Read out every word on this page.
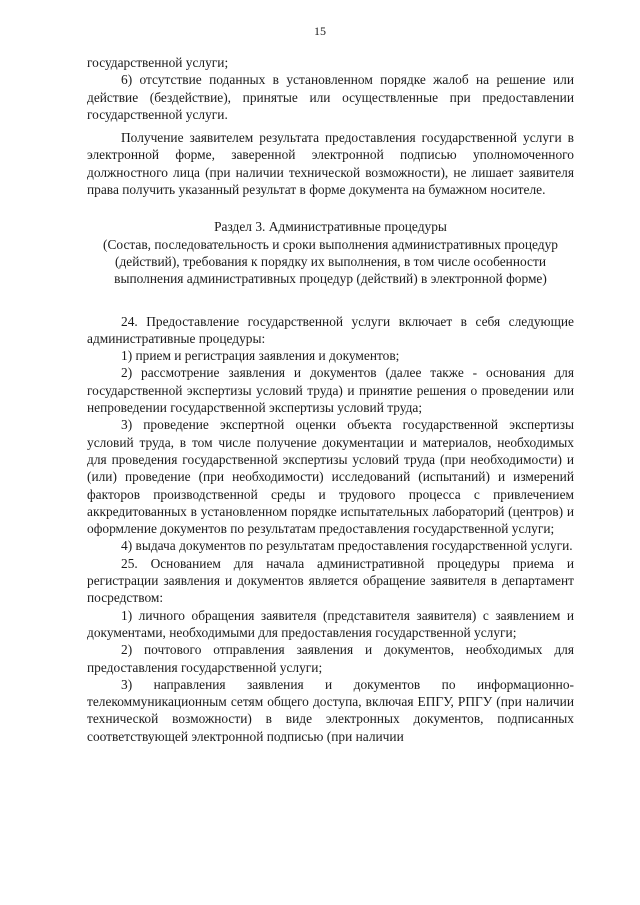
15

государственной услуги;

6) отсутствие поданных в установленном порядке жалоб на решение или действие (бездействие), принятые или осуществленные при предоставлении государственной услуги.

Получение заявителем результата предоставления государственной услуги в электронной форме, заверенной электронной подписью уполномоченного должностного лица (при наличии технической возможности), не лишает заявителя права получить указанный результат в форме документа на бумажном носителе.

Раздел 3. Административные процедуры

(Состав, последовательность и сроки выполнения административных процедур (действий), требования к порядку их выполнения, в том числе особенности выполнения административных процедур (действий) в электронной форме)

24. Предоставление государственной услуги включает в себя следующие административные процедуры:

1) прием и регистрация заявления и документов;

2) рассмотрение заявления и документов (далее также - основания для государственной экспертизы условий труда) и принятие решения о проведении или непроведении государственной экспертизы условий труда;

3) проведение экспертной оценки объекта государственной экспертизы условий труда, в том числе получение документации и материалов, необходимых для проведения государственной экспертизы условий труда (при необходимости) и (или) проведение (при необходимости) исследований (испытаний) и измерений факторов производственной среды и трудового процесса с привлечением аккредитованных в установленном порядке испытательных лабораторий (центров) и оформление документов по результатам предоставления государственной услуги;

4) выдача документов по результатам предоставления государственной услуги.

25. Основанием для начала административной процедуры приема и регистрации заявления и документов является обращение заявителя в департамент посредством:

1) личного обращения заявителя (представителя заявителя) с заявлением и документами, необходимыми для предоставления государственной услуги;

2) почтового отправления заявления и документов, необходимых для предоставления государственной услуги;

3) направления заявления и документов по информационно-телекоммуникационным сетям общего доступа, включая ЕПГУ, РПГУ (при наличии технической возможности) в виде электронных документов, подписанных соответствующей электронной подписью (при наличии
